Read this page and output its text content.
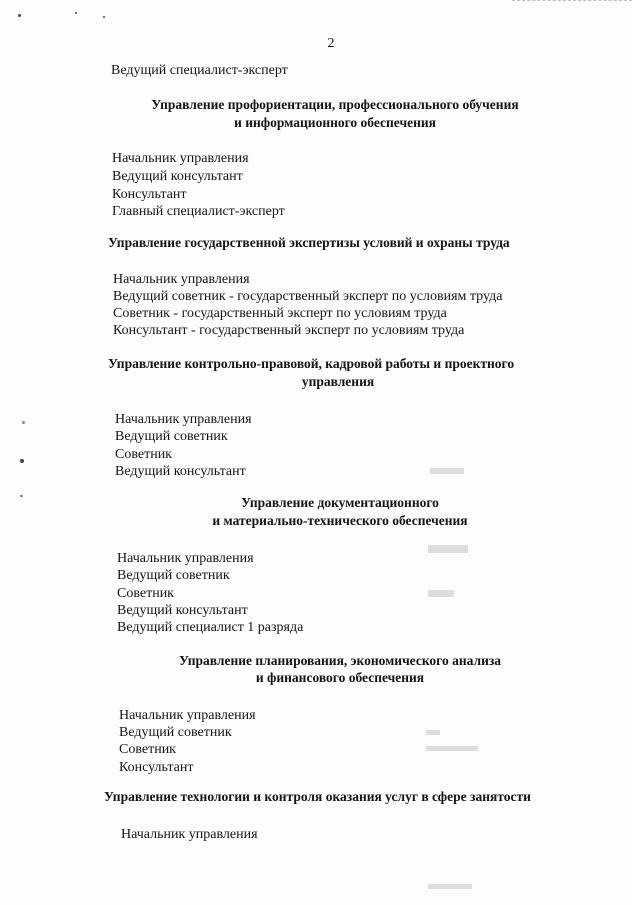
2
Ведущий специалист-эксперт
Управление профориентации, профессионального обучения
и информационного обеспечения
Начальник управления
Ведущий консультант
Консультант
Главный специалист-эксперт
Управление государственной экспертизы условий и охраны труда
Начальник управления
Ведущий советник - государственный эксперт по условиям труда
Советник - государственный эксперт по условиям труда
Консультант - государственный эксперт по условиям труда
Управление контрольно-правовой, кадровой работы и проектного
управления
Начальник управления
Ведущий советник
Советник
Ведущий консультант
Управление документационного
и материально-технического обеспечения
Начальник управления
Ведущий советник
Советник
Ведущий консультант
Ведущий специалист 1 разряда
Управление планирования, экономического анализа
и финансового обеспечения
Начальник управления
Ведущий советник
Советник
Консультант
Управление технологии и контроля оказания услуг в сфере занятости
Начальник управления
